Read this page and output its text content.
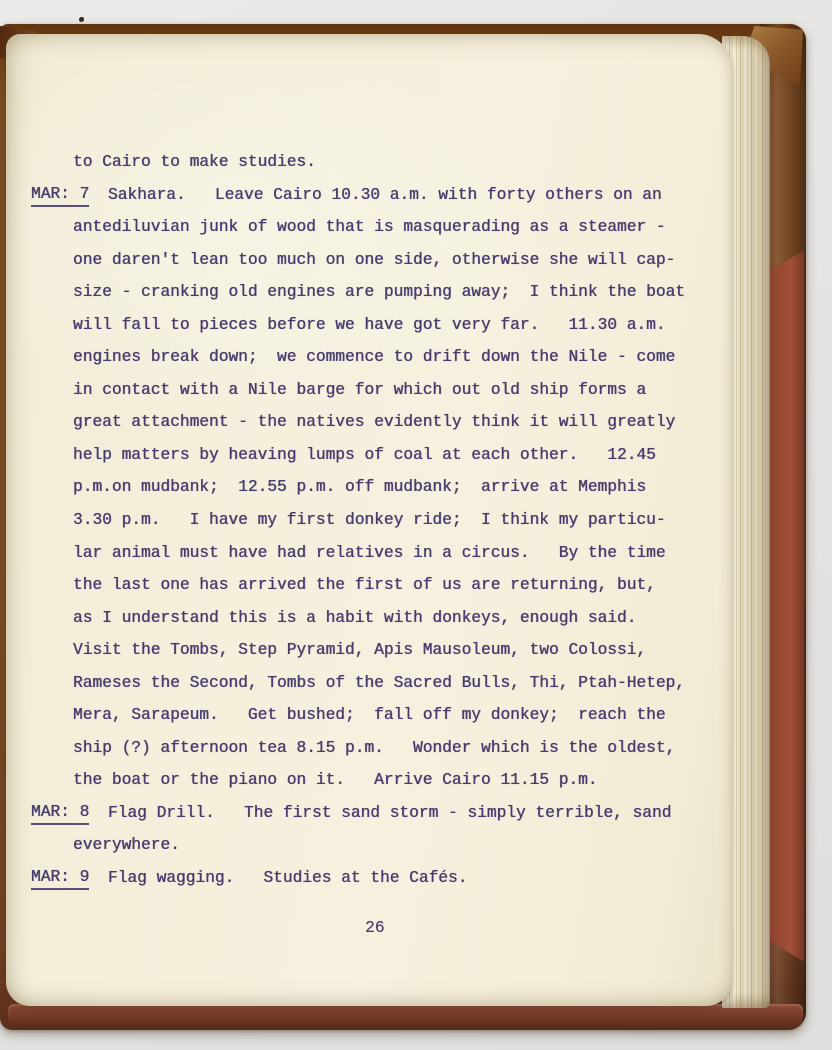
to Cairo to make studies.
MAR: 7 Sakhara.   Leave Cairo 10.30 a.m. with forty others on an
antediluvian junk of wood that is masquerading as a steamer -
one daren't lean too much on one side, otherwise she will cap-
size - cranking old engines are pumping away;  I think the boat
will fall to pieces before we have got very far.   11.30 a.m.
engines break down;  we commence to drift down the Nile - come
in contact with a Nile barge for which out old ship forms a
great attachment - the natives evidently think it will greatly
help matters by heaving lumps of coal at each other.   12.45
p.m.on mudbank;  12.55 p.m. off mudbank;  arrive at Memphis
3.30 p.m.   I have my first donkey ride;  I think my particu-
lar animal must have had relatives in a circus.   By the time
the last one has arrived the first of us are returning, but,
as I understand this is a habit with donkeys, enough said.
Visit the Tombs, Step Pyramid, Apis Mausoleum, two Colossi,
Rameses the Second, Tombs of the Sacred Bulls, Thi, Ptah-Hetep,
Mera, Sarapeum.   Get bushed;  fall off my donkey;  reach the
ship (?) afternoon tea 8.15 p.m.   Wonder which is the oldest,
the boat or the piano on it.   Arrive Cairo 11.15 p.m.
MAR: 8 Flag Drill.   The first sand storm - simply terrible, sand
everywhere.
MAR: 9 Flag wagging.   Studies at the Cafés.
26
